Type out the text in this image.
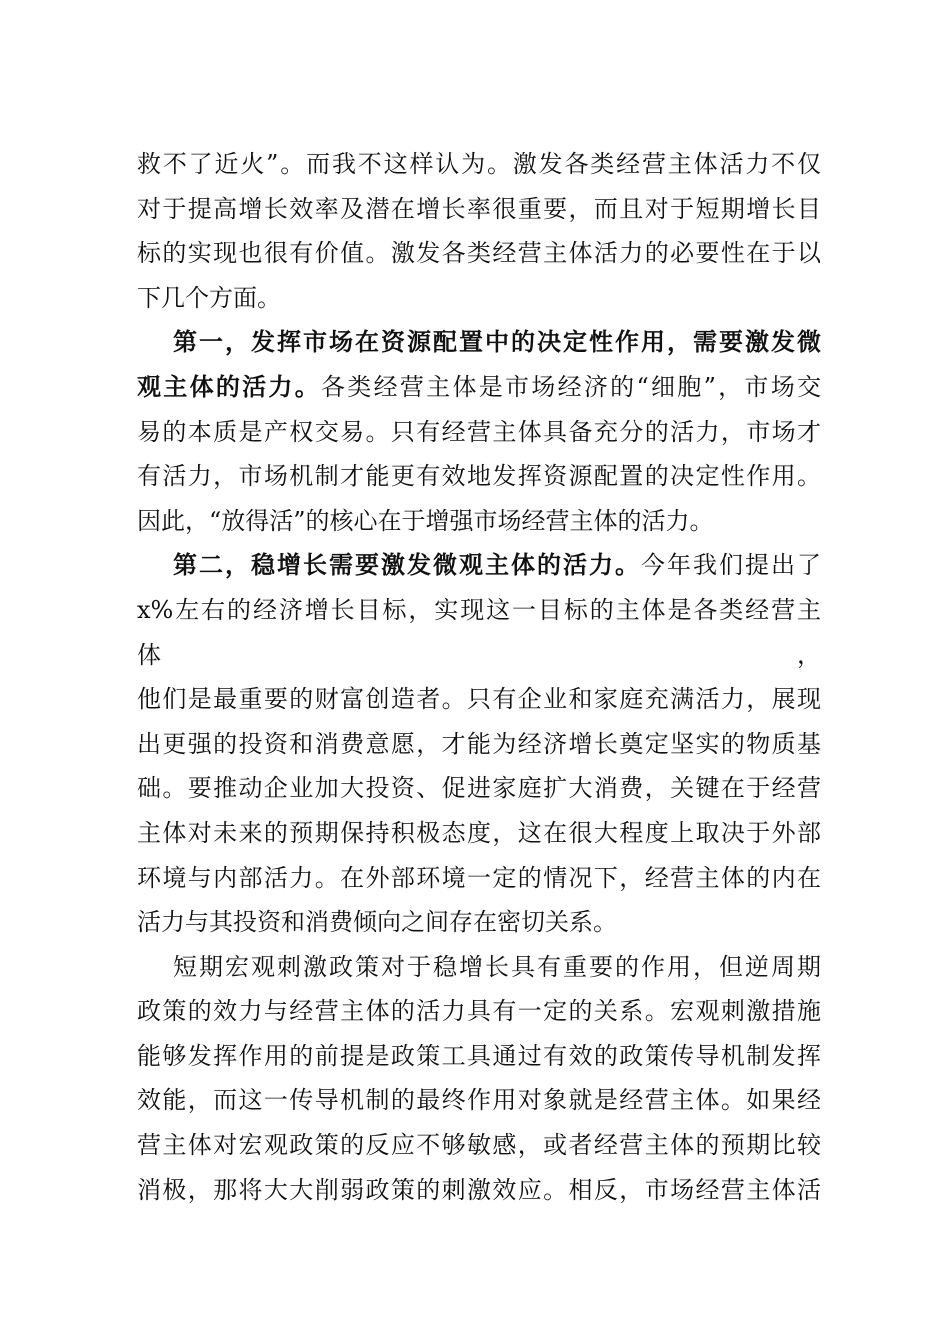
救不了近火”。而我不这样认为。激发各类经营主体活力不仅
对于提高增长效率及潜在增长率很重要，而且对于短期增长目
标的实现也很有价值。激发各类经营主体活力的必要性在于以
下几个方面。
第一，发挥市场在资源配置中的决定性作用，需要激发微
观主体的活力。各类经营主体是市场经济的“细胞”，市场交
易的本质是产权交易。只有经营主体具备充分的活力，市场才
有活力，市场机制才能更有效地发挥资源配置的决定性作用。
因此，“放得活”的核心在于增强市场经营主体的活力。
第二，稳增长需要激发微观主体的活力。今年我们提出了
x%左右的经济增长目标，实现这一目标的主体是各类经营主体，
他们是最重要的财富创造者。只有企业和家庭充满活力，展现
出更强的投资和消费意愿，才能为经济增长奠定坚实的物质基
础。要推动企业加大投资、促进家庭扩大消费，关键在于经营
主体对未来的预期保持积极态度，这在很大程度上取决于外部
环境与内部活力。在外部环境一定的情况下，经营主体的内在
活力与其投资和消费倾向之间存在密切关系。
短期宏观刺激政策对于稳增长具有重要的作用，但逆周期
政策的效力与经营主体的活力具有一定的关系。宏观刺激措施
能够发挥作用的前提是政策工具通过有效的政策传导机制发挥
效能，而这一传导机制的最终作用对象就是经营主体。如果经
营主体对宏观政策的反应不够敏感，或者经营主体的预期比较
消极，那将大大削弱政策的刺激效应。相反，市场经营主体活
